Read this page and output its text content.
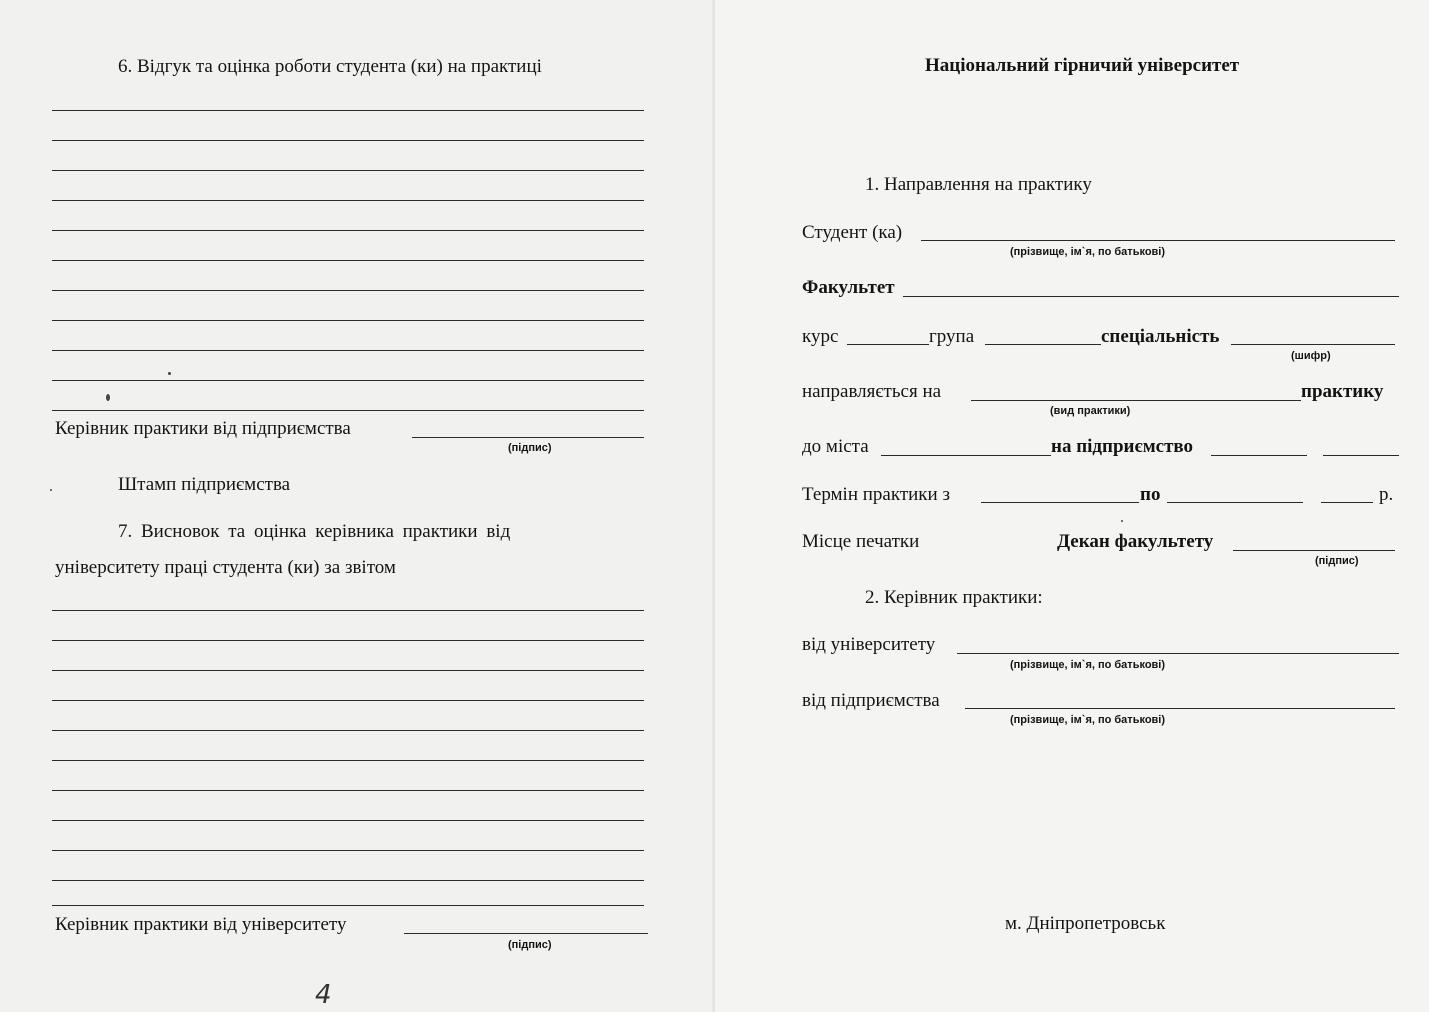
6. Відгук та оцінка роботи студента (ки) на практиці
Керівник практики від підприємства
(підпис)
Штамп підприємства
7. Висновок та оцінка керівника практики від
університету праці студента (ки) за звітом
Керівник практики від університету
(підпис)
4
Національний гірничий університет
1. Направлення на практику
Студент (ка)
(прізвище, ім`я, по батькові)
Факультет
курс	група	спеціальність
(шифр)
направляється на	практику
(вид практики)
до міста	на підприємство
Термін практики з	по	р.
Місце печатки	Декан факультету
(підпис)
2. Керівник практики:
від університету
(прізвище, ім`я, по батькові)
від підприємства
(прізвище, ім`я, по батькові)
м. Дніпропетровськ
